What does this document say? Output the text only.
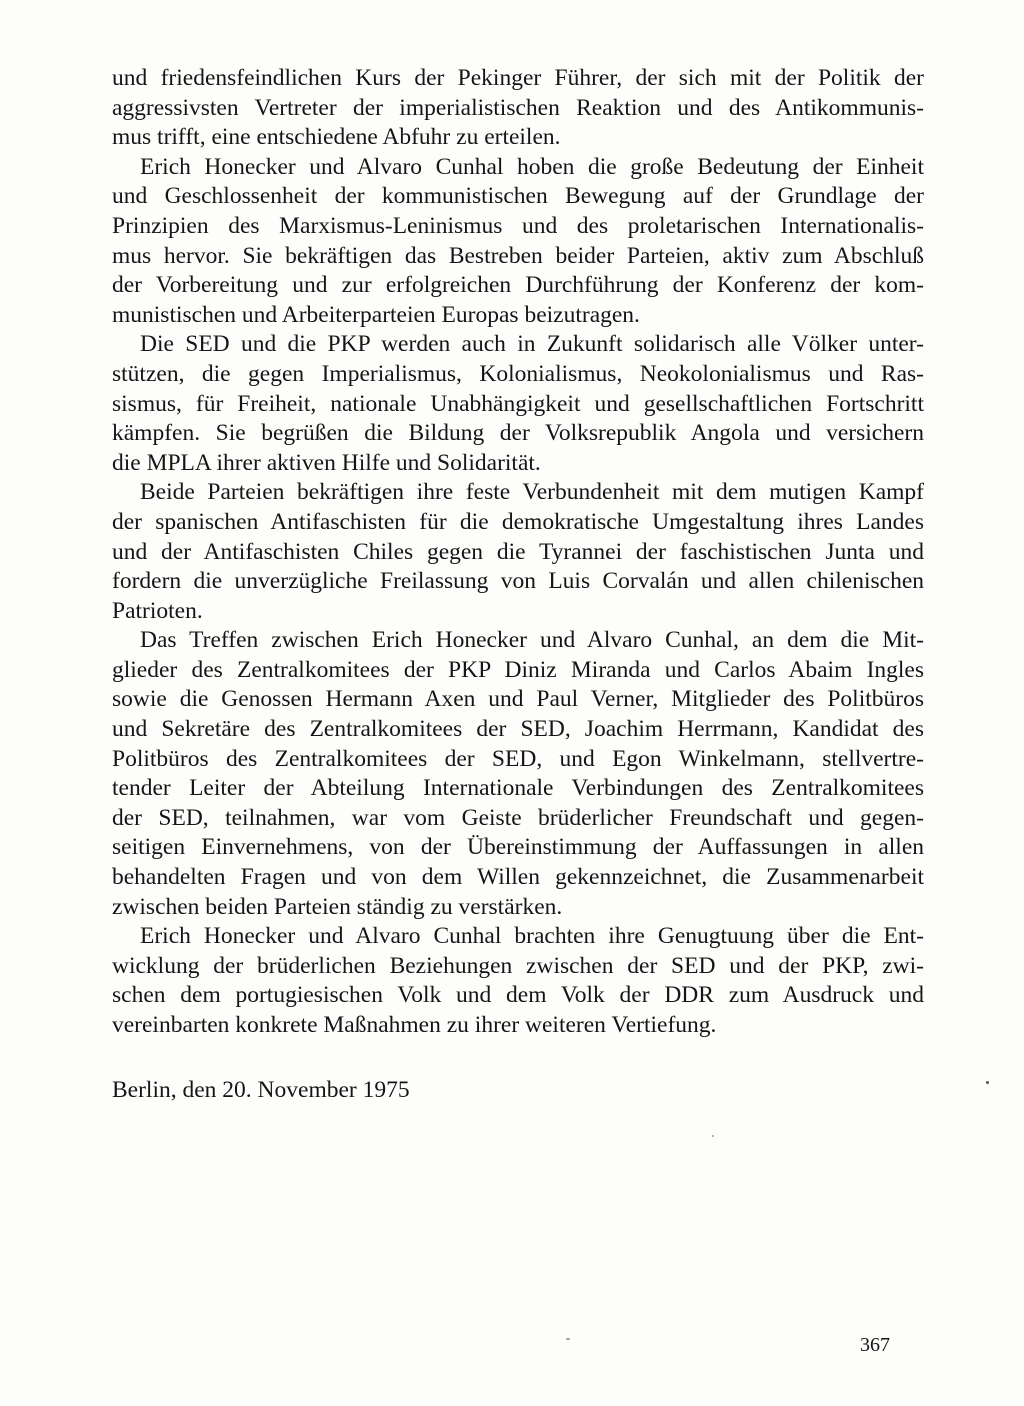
und friedensfeindlichen Kurs der Pekinger Führer, der sich mit der Politik der
aggressivsten Vertreter der imperialistischen Reaktion und des Antikommunis-
mus trifft, eine entschiedene Abfuhr zu erteilen.
Erich Honecker und Alvaro Cunhal hoben die große Bedeutung der Einheit
und Geschlossenheit der kommunistischen Bewegung auf der Grundlage der
Prinzipien des Marxismus-Leninismus und des proletarischen Internationalis-
mus hervor. Sie bekräftigen das Bestreben beider Parteien, aktiv zum Abschluß
der Vorbereitung und zur erfolgreichen Durchführung der Konferenz der kom-
munistischen und Arbeiterparteien Europas beizutragen.
Die SED und die PKP werden auch in Zukunft solidarisch alle Völker unter-
stützen, die gegen Imperialismus, Kolonialismus, Neokolonialismus und Ras-
sismus, für Freiheit, nationale Unabhängigkeit und gesellschaftlichen Fortschritt
kämpfen. Sie begrüßen die Bildung der Volksrepublik Angola und versichern
die MPLA ihrer aktiven Hilfe und Solidarität.
Beide Parteien bekräftigen ihre feste Verbundenheit mit dem mutigen Kampf
der spanischen Antifaschisten für die demokratische Umgestaltung ihres Landes
und der Antifaschisten Chiles gegen die Tyrannei der faschistischen Junta und
fordern die unverzügliche Freilassung von Luis Corvalán und allen chilenischen
Patrioten.
Das Treffen zwischen Erich Honecker und Alvaro Cunhal, an dem die Mit-
glieder des Zentralkomitees der PKP Diniz Miranda und Carlos Abaim Ingles
sowie die Genossen Hermann Axen und Paul Verner, Mitglieder des Politbüros
und Sekretäre des Zentralkomitees der SED, Joachim Herrmann, Kandidat des
Politbüros des Zentralkomitees der SED, und Egon Winkelmann, stellvertre-
tender Leiter der Abteilung Internationale Verbindungen des Zentralkomitees
der SED, teilnahmen, war vom Geiste brüderlicher Freundschaft und gegen-
seitigen Einvernehmens, von der Übereinstimmung der Auffassungen in allen
behandelten Fragen und von dem Willen gekennzeichnet, die Zusammenarbeit
zwischen beiden Parteien ständig zu verstärken.
Erich Honecker und Alvaro Cunhal brachten ihre Genugtuung über die Ent-
wicklung der brüderlichen Beziehungen zwischen der SED und der PKP, zwi-
schen dem portugiesischen Volk und dem Volk der DDR zum Ausdruck und
vereinbarten konkrete Maßnahmen zu ihrer weiteren Vertiefung.
Berlin, den 20. November 1975
367
